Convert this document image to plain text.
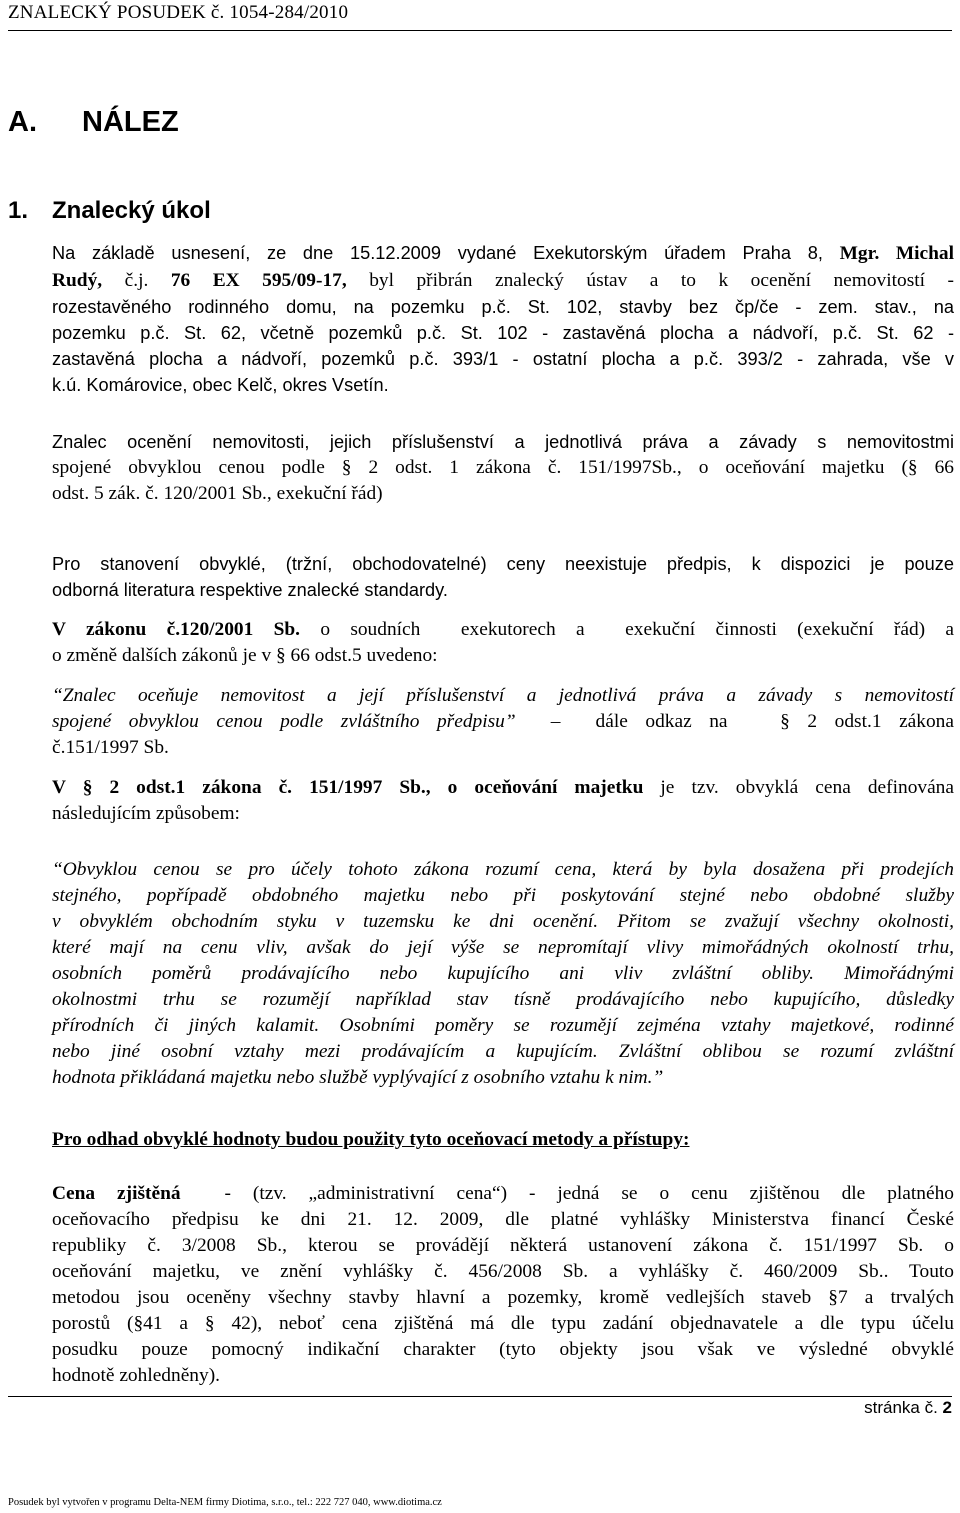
ZNALECKÝ POSUDEK č. 1054-284/2010
A. NÁLEZ
1. Znalecký úkol
Na základě usnesení, ze dne 15.12.2009 vydané Exekutorským úřadem Praha 8, Mgr. Michal
Rudý, č.j. 76 EX 595/09-17, byl přibrán znalecký ústav a to k ocenění nemovitostí -
rozestavěného rodinného domu, na pozemku p.č. St. 102, stavby bez čp/če - zem. stav., na
pozemku p.č. St. 62, včetně pozemků p.č. St. 102 - zastavěná plocha a nádvoří, p.č. St. 62 -
zastavěná plocha a nádvoří, pozemků p.č. 393/1 - ostatní plocha a p.č. 393/2 - zahrada, vše v
k.ú. Komárovice, obec Kelč, okres Vsetín.
Znalec ocenění nemovitosti, jejich příslušenství a jednotlivá práva a závady s nemovitostmi
spojené obvyklou cenou podle § 2 odst. 1 zákona č. 151/1997Sb., o oceňování majetku (§ 66
odst. 5 zák. č. 120/2001 Sb., exekuční řád)
Pro stanovení obvyklé, (tržní, obchodovatelné) ceny neexistuje předpis, k dispozici je pouze
odborná literatura respektive znalecké standardy.
V zákonu č.120/2001 Sb. o soudních  exekutorech a  exekuční činnosti (exekuční řád) a
o změně dalších zákonů je v § 66 odst.5 uvedeno:
“Znalec oceňuje nemovitost a její příslušenství a jednotlivá práva a závady s nemovitostí
spojené obvyklou cenou podle zvláštního předpisu”  –  dále odkaz na   § 2 odst.1 zákona
č.151/1997 Sb.
V § 2 odst.1 zákona č. 151/1997 Sb., o oceňování majetku je tzv. obvyklá cena definována
následujícím způsobem:
“Obvyklou cenou se pro účely tohoto zákona rozumí cena, která by byla dosažena při prodejích
stejného, popřípadě obdobného majetku nebo při poskytování stejné nebo obdobné služby
v obvyklém obchodním styku v tuzemsku ke dni ocenění. Přitom se zvažují všechny okolnosti,
které mají na cenu vliv, avšak do její výše se nepromítají vlivy mimořádných okolností trhu,
osobních poměrů prodávajícího nebo kupujícího ani vliv zvláštní obliby. Mimořádnými
okolnostmi trhu se rozumějí například stav tísně prodávajícího nebo kupujícího, důsledky
přírodních či jiných kalamit. Osobními poměry se rozumějí zejména vztahy majetkové, rodinné
nebo jiné osobní vztahy mezi prodávajícím a kupujícím. Zvláštní oblibou se rozumí zvláštní
hodnota přikládaná majetku nebo službě vyplývající z osobního vztahu k nim.”
Pro odhad obvyklé hodnoty budou použity tyto oceňovací metody a přístupy:
Cena zjištěná  - (tzv. „administrativní cena“) - jedná se o cenu zjištěnou dle platného
oceňovacího předpisu ke dni 21. 12. 2009, dle platné vyhlášky Ministerstva financí České
republiky č. 3/2008 Sb., kterou se provádějí některá ustanovení zákona č. 151/1997 Sb. o
oceňování majetku, ve znění vyhlášky č. 456/2008 Sb. a vyhlášky č. 460/2009 Sb.. Touto
metodou jsou oceněny všechny stavby hlavní a pozemky, kromě vedlejších staveb §7 a trvalých
porostů (§41 a § 42), neboť cena zjištěná má dle typu zadání objednavatele a dle typu účelu
posudku pouze pomocný indikační charakter (tyto objekty jsou však ve výsledné obvyklé
hodnotě zohledněny).
stránka č. 2
Posudek byl vytvořen v programu Delta-NEM firmy Diotima, s.r.o., tel.: 222 727 040, www.diotima.cz
